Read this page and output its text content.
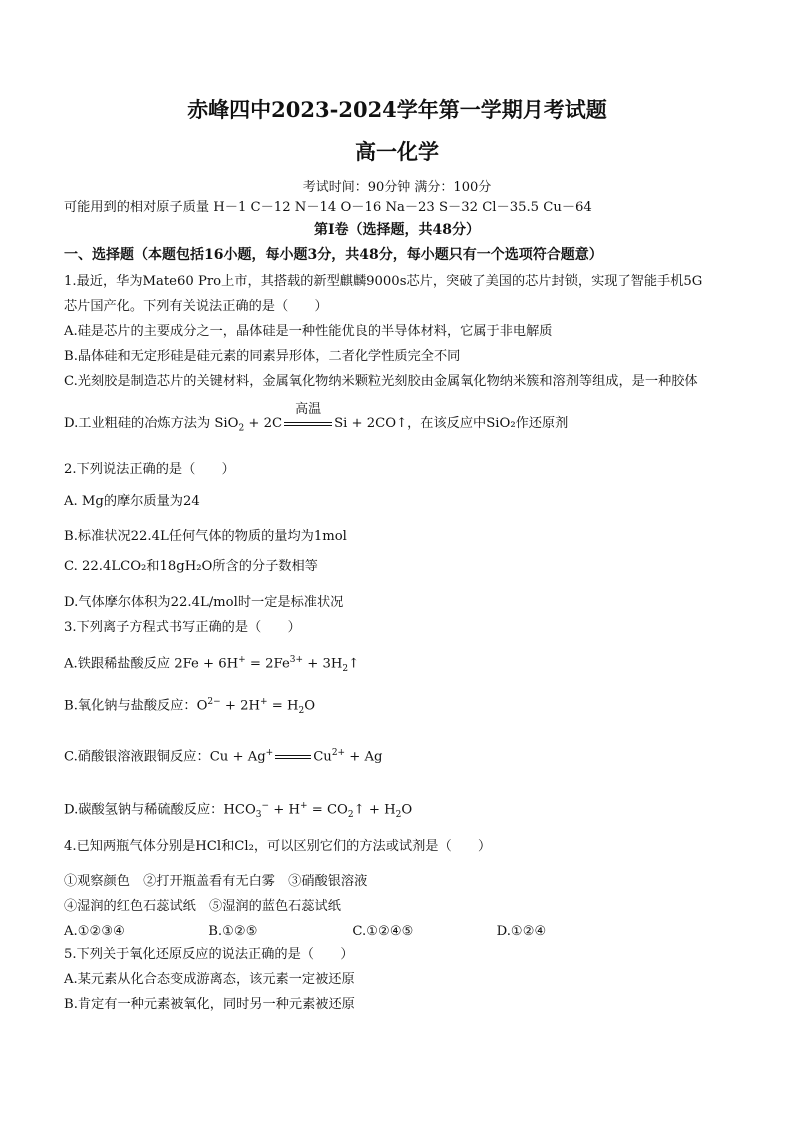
赤峰四中2023-2024学年第一学期月考试题
高一化学
考试时间：90分钟 满分：100分
可能用到的相对原子质量 H－1 C－12 N－14 O－16 Na－23 S－32 Cl－35.5 Cu－64
第Ⅰ卷（选择题，共48分）
一、选择题（本题包括16小题，每小题3分，共48分，每小题只有一个选项符合题意）
1.最近，华为Mate60 Pro上市，其搭载的新型麒麟9000s芯片，突破了美国的芯片封锁，实现了智能手机5G
芯片国产化。下列有关说法正确的是（　　）
A.硅是芯片的主要成分之一，晶体硅是一种性能优良的半导体材料，它属于非电解质
B.晶体硅和无定形硅是硅元素的同素异形体，二者化学性质完全不同
C.光刻胶是制造芯片的关键材料，金属氧化物纳米颗粒光刻胶由金属氧化物纳米簇和溶剂等组成，是一种胶体
D.工业粗硅的冶炼方法为 SiO$_2$ + 2C
高温
Si + 2CO↑，在该反应中SiO₂作还原剂
2.下列说法正确的是（　　）
A. Mg的摩尔质量为24
B.标准状况22.4L任何气体的物质的量均为1mol
C. 22.4LCO₂和18gH₂O所含的分子数相等
D.气体摩尔体积为22.4L/mol时一定是标准状况
3.下列离子方程式书写正确的是（　　）
A.铁跟稀盐酸反应 $2Fe + 6H^+ = 2Fe^{3+}$ + $3H_2↑$
B.氧化钠与盐酸反应：$O^{2-} + 2H^+ = H_2O$
C.硝酸银溶液跟铜反应：Cu + Ag+	$Cu^{2+} + Ag$
D.碳酸氢钠与稀硫酸反应：$HCO_3^- + H^+$ = $CO_2↑ + H_2O$
4.已知两瓶气体分别是HCl和Cl₂，可以区别它们的方法或试剂是（　　）
①观察颜色　②打开瓶盖看有无白雾　③硝酸银溶液
④湿润的红色石蕊试纸　⑤湿润的蓝色石蕊试纸
A.①②③④	B.①②⑤	C.①②④⑤	D.①②④
5.下列关于氧化还原反应的说法正确的是（　　）
A.某元素从化合态变成游离态，该元素一定被还原
B.肯定有一种元素被氧化，同时另一种元素被还原
